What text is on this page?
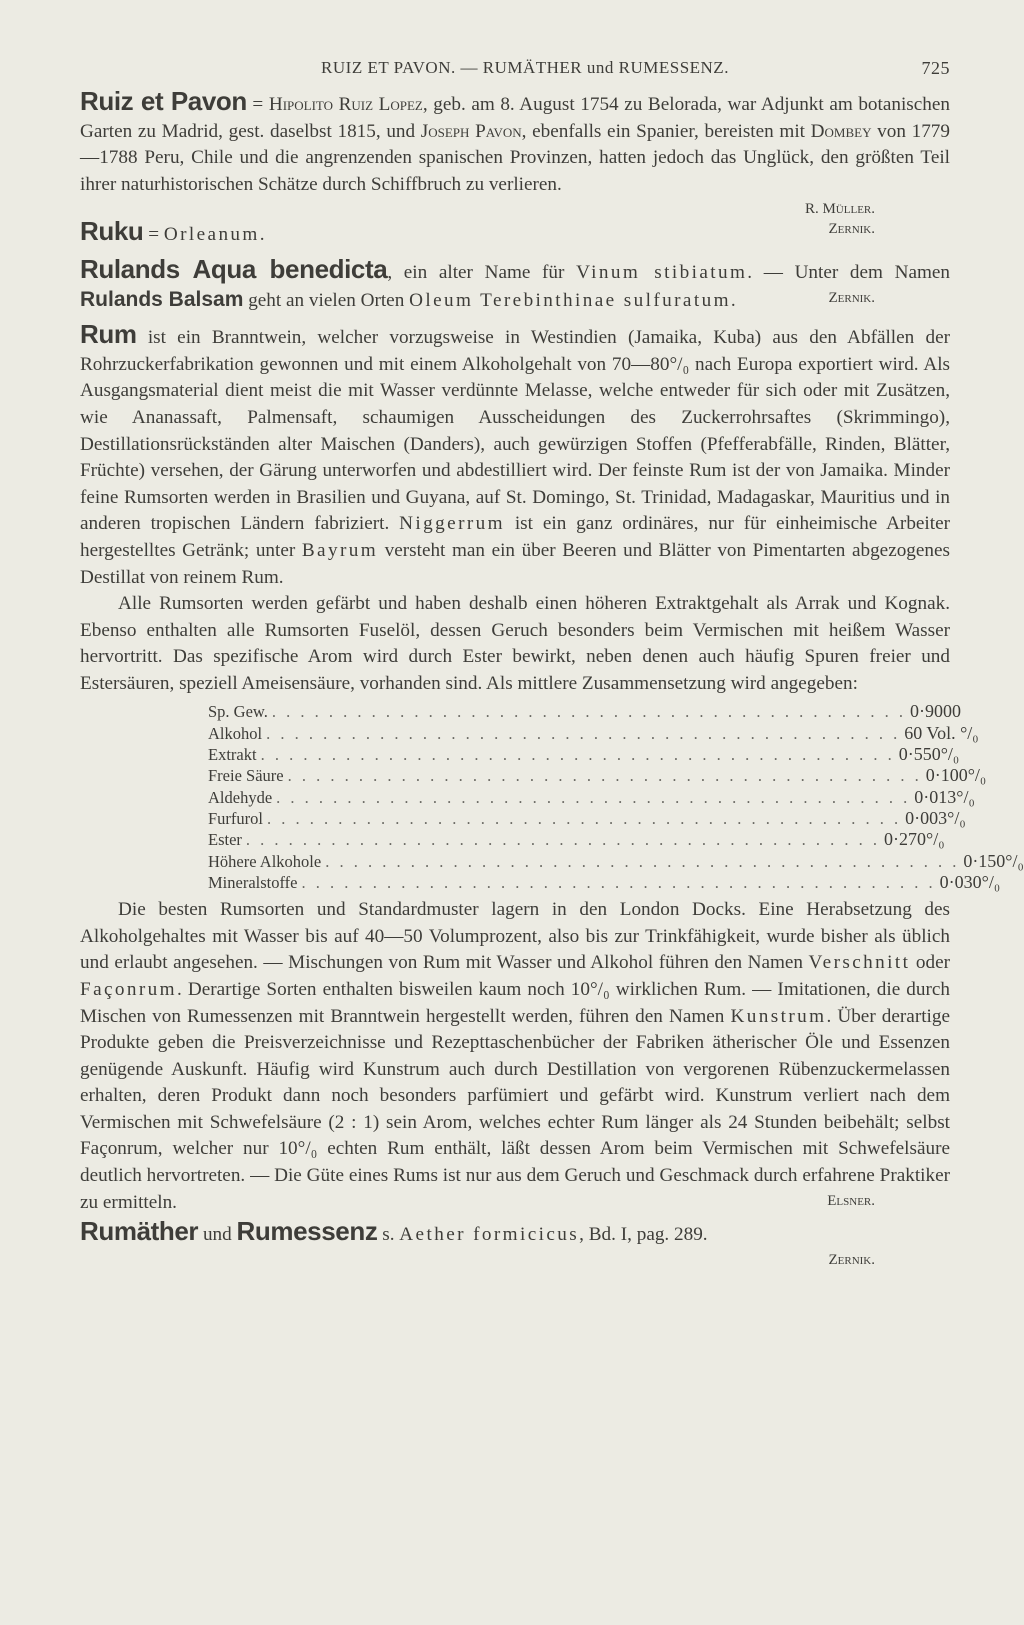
RUIZ ET PAVON. — RUMÄTHER und RUMESSENZ.	725

Ruiz et Pavon = Hipolito Ruiz Lopez, geb. am 8. August 1754 zu Belorada, war Adjunkt am botanischen Garten zu Madrid, gest. daselbst 1815, und Joseph Pavon, ebenfalls ein Spanier, bereisten mit Dombey von 1779—1788 Peru, Chile und die angrenzenden spanischen Provinzen, hatten jedoch das Unglück, den größten Teil ihrer naturhistorischen Schätze durch Schiffbruch zu verlieren.

R. Müller.

Zernik.
Ruku = Orleanum.

Rulands Aqua benedicta, ein alter Name für Vinum stibiatum. — Unter dem Namen Rulands Balsam geht an vielen Orten Oleum Terebinthinae sulfuratum.	Zernik.

Rum ist ein Branntwein, welcher vorzugsweise in Westindien (Jamaika, Kuba) aus den Abfällen der Rohrzuckerfabrikation gewonnen und mit einem Alkoholgehalt von 70—80°/₀ nach Europa exportiert wird. Als Ausgangsmaterial dient meist die mit Wasser verdünnte Melasse, welche entweder für sich oder mit Zusätzen, wie Ananassaft, Palmensaft, schaumigen Ausscheidungen des Zuckerrohrsaftes (Skrimmingo), Destillationsrückständen alter Maischen (Danders), auch gewürzigen Stoffen (Pfefferabfälle, Rinden, Blätter, Früchte) versehen, der Gärung unterworfen und abdestilliert wird. Der feinste Rum ist der von Jamaika. Minder feine Rumsorten werden in Brasilien und Guyana, auf St. Domingo, St. Trinidad, Madagaskar, Mauritius und in anderen tropischen Ländern fabriziert. Niggerrum ist ein ganz ordinäres, nur für einheimische Arbeiter hergestelltes Getränk; unter Bayrum versteht man ein über Beeren und Blätter von Pimentarten abgezogenes Destillat von reinem Rum.

Alle Rumsorten werden gefärbt und haben deshalb einen höheren Extraktgehalt als Arrak und Kognak. Ebenso enthalten alle Rumsorten Fuselöl, dessen Geruch besonders beim Vermischen mit heißem Wasser hervortritt. Das spezifische Arom wird durch Ester bewirkt, neben denen auch häufig Spuren freier und Estersäuren, speziell Ameisensäure, vorhanden sind. Als mittlere Zusammensetzung wird angegeben:

Sp. Gew. . . . . . . . . . . . . . . . . . . . . . . . . . . . . . . . . . . . . . . . . . . . . . 0·9000
Alkohol . . . . . . . . . . . . . . . . . . . . . . . . . . . . . . . . . . . . . . . . . . . . . 60 Vol. °/₀
Extrakt . . . . . . . . . . . . . . . . . . . . . . . . . . . . . . . . . . . . . . . . . . . . . 0·550°/₀
Freie Säure . . . . . . . . . . . . . . . . . . . . . . . . . . . . . . . . . . . . . . . . . . . . . 0·100°/₀
Aldehyde . . . . . . . . . . . . . . . . . . . . . . . . . . . . . . . . . . . . . . . . . . . . . 0·013°/₀
Furfurol . . . . . . . . . . . . . . . . . . . . . . . . . . . . . . . . . . . . . . . . . . . . . 0·003°/₀
Ester . . . . . . . . . . . . . . . . . . . . . . . . . . . . . . . . . . . . . . . . . . . . . 0·270°/₀
Höhere Alkohole . . . . . . . . . . . . . . . . . . . . . . . . . . . . . . . . . . . . . . . . . . . . . 0·150°/₀
Mineralstoffe . . . . . . . . . . . . . . . . . . . . . . . . . . . . . . . . . . . . . . . . . . . . . 0·030°/₀

Die besten Rumsorten und Standardmuster lagern in den London Docks. Eine Herabsetzung des Alkoholgehaltes mit Wasser bis auf 40—50 Volumprozent, also bis zur Trinkfähigkeit, wurde bisher als üblich und erlaubt angesehen. — Mischungen von Rum mit Wasser und Alkohol führen den Namen Verschnitt oder Façonrum. Derartige Sorten enthalten bisweilen kaum noch 10°/₀ wirklichen Rum. — Imitationen, die durch Mischen von Rumessenzen mit Branntwein hergestellt werden, führen den Namen Kunstrum. Über derartige Produkte geben die Preisverzeichnisse und Rezepttaschenbücher der Fabriken ätherischer Öle und Essenzen genügende Auskunft. Häufig wird Kunstrum auch durch Destillation von vergorenen Rübenzuckermelassen erhalten, deren Produkt dann noch besonders parfümiert und gefärbt wird. Kunstrum verliert nach dem Vermischen mit Schwefelsäure (2 : 1) sein Arom, welches echter Rum länger als 24 Stunden beibehält; selbst Façonrum, welcher nur 10°/₀ echten Rum enthält, läßt dessen Arom beim Vermischen mit Schwefelsäure deutlich hervortreten. — Die Güte eines Rums ist nur aus dem Geruch und Geschmack durch erfahrene Praktiker zu ermitteln.	Elsner.

Rumäther und Rumessenz s. Aether formicicus, Bd. I, pag. 289.

Zernik.
